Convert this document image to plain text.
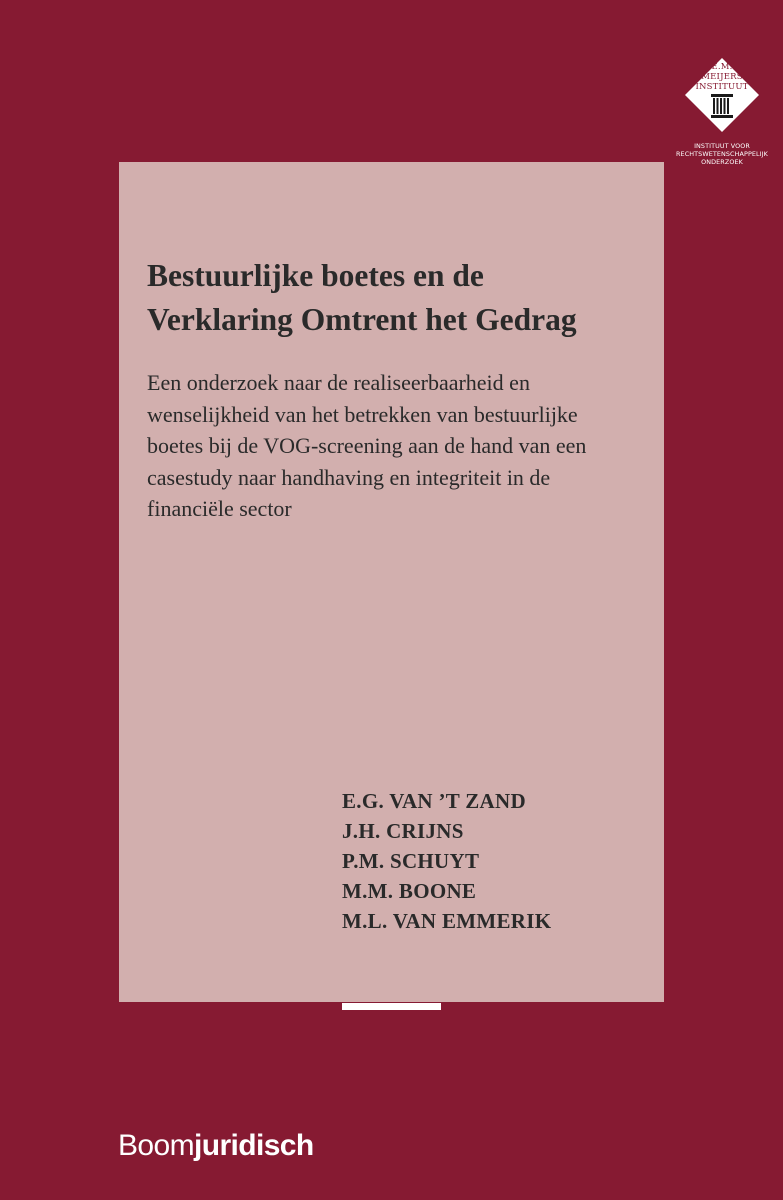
E.M.
MEIJERS
INSTITUUT
INSTITUUT VOOR
RECHTSWETENSCHAPPELIJK
ONDERZOEK
Bestuurlijke boetes en de
Verklaring Omtrent het Gedrag

Een onderzoek naar de realiseerbaarheid en
wenselijkheid van het betrekken van bestuurlijke
boetes bij de VOG-screening aan de hand van een
casestudy naar handhaving en integriteit in de
financiële sector

E.G. VAN ’T ZAND
J.H. CRIJNS
P.M. SCHUYT
M.M. BOONE
M.L. VAN EMMERIK
Boomjuridisch
